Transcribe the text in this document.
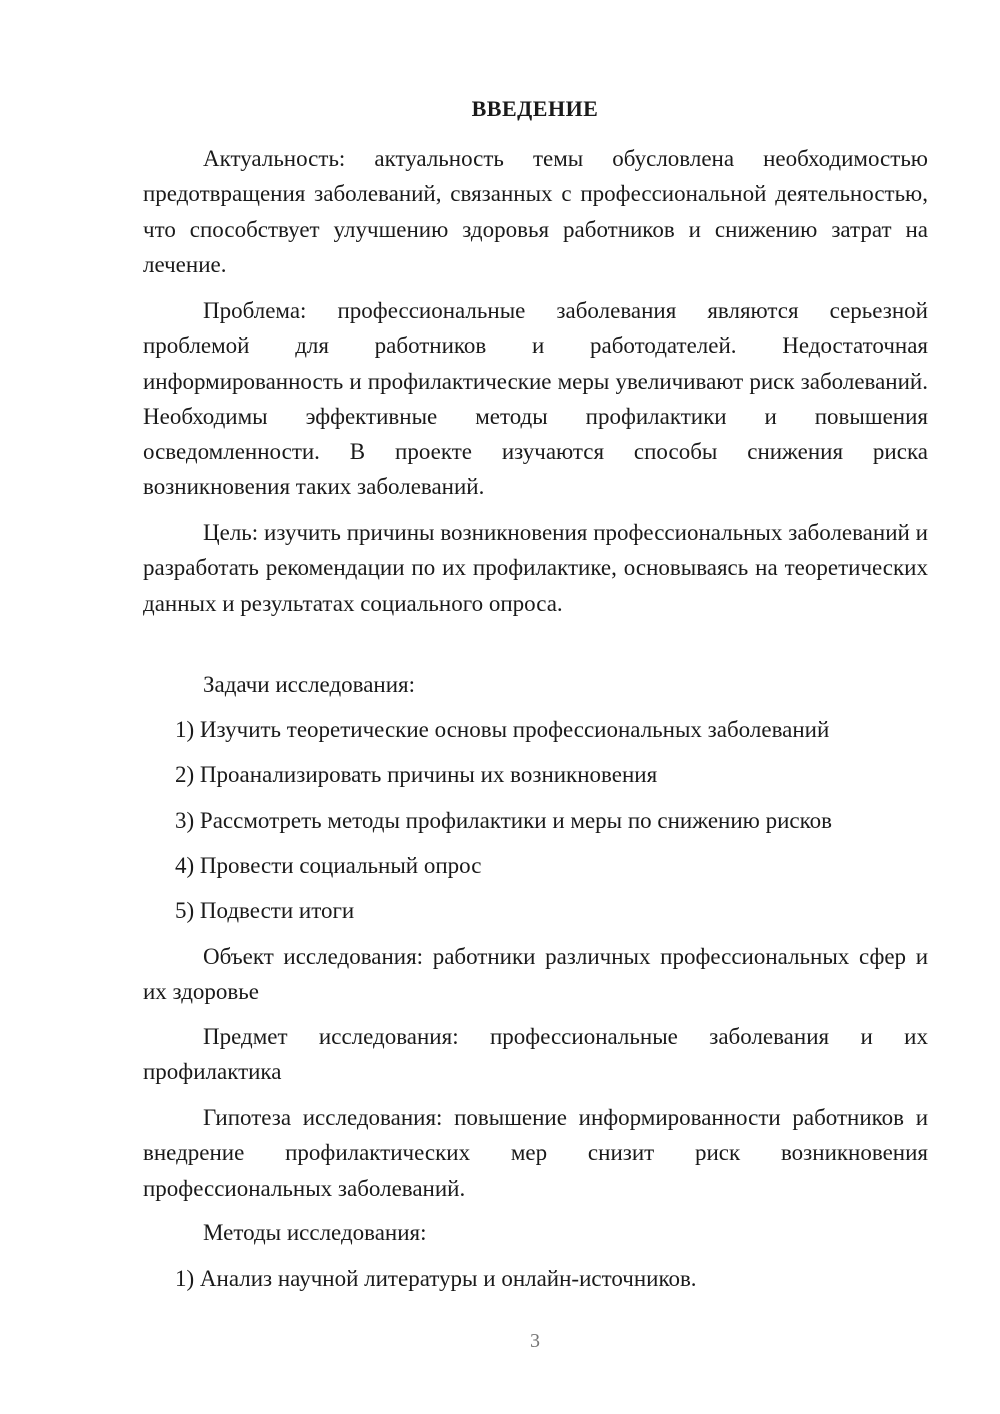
ВВЕДЕНИЕ

Актуальность: актуальность темы обусловлена необходимостью предотвращения заболеваний, связанных с профессиональной деятельностью, что способствует улучшению здоровья работников и снижению затрат на лечение.

Проблема: профессиональные заболевания являются серьезной проблемой для работников и работодателей. Недостаточная информированность и профилактические меры увеличивают риск заболеваний. Необходимы эффективные методы профилактики и повышения осведомленности. В проекте изучаются способы снижения риска возникновения таких заболеваний.

Цель: изучить причины возникновения профессиональных заболеваний и разработать рекомендации по их профилактике, основываясь на теоретических данных и результатах социального опроса.

Задачи исследования:

1) Изучить теоретические основы профессиональных заболеваний

2) Проанализировать причины их возникновения

3) Рассмотреть методы профилактики и меры по снижению рисков

4) Провести социальный опрос

5) Подвести итоги

Объект исследования: работники различных профессиональных сфер и их здоровье

Предмет исследования: профессиональные заболевания и их профилактика

Гипотеза исследования: повышение информированности работников и внедрение профилактических мер снизит риск возникновения профессиональных заболеваний.

Методы исследования:

1) Анализ научной литературы и онлайн-источников.

3
